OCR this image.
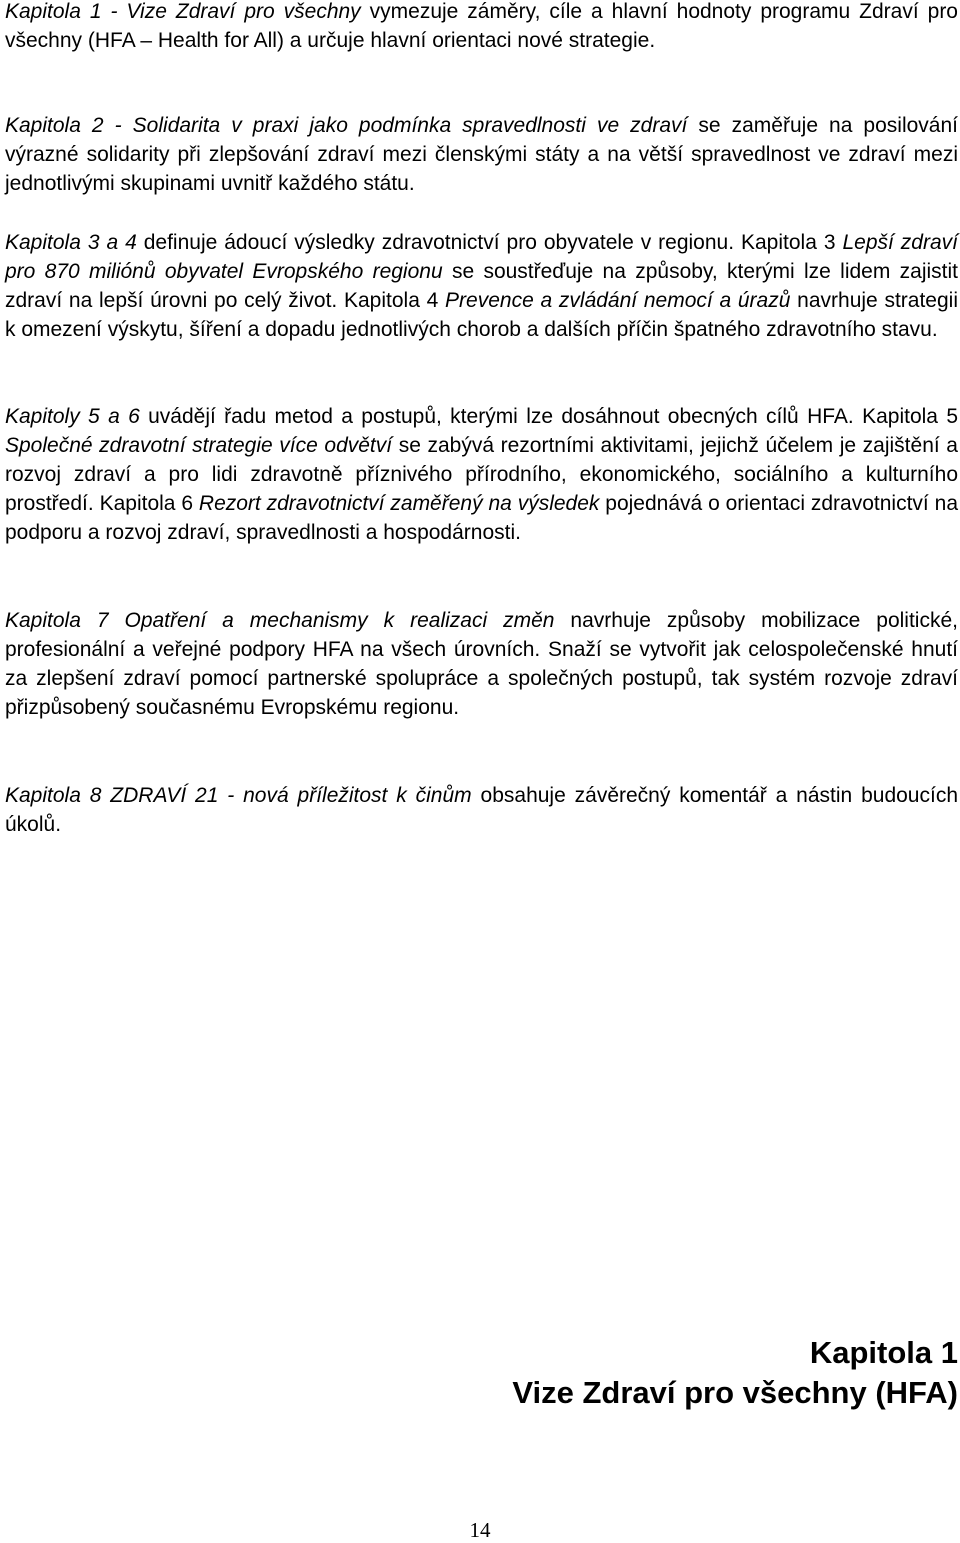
Kapitola 1 - Vize Zdraví pro všechny vymezuje záměry, cíle a hlavní hodnoty programu Zdraví pro všechny (HFA – Health for All) a určuje hlavní orientaci nové strategie.

Kapitola 2 - Solidarita v praxi jako podmínka spravedlnosti ve zdraví se zaměřuje na posilování výrazné solidarity při zlepšování zdraví mezi členskými státy a na větší spravedlnost ve zdraví mezi jednotlivými skupinami uvnitř každého státu.

Kapitola 3 a 4 definuje ádoucí výsledky zdravotnictví pro obyvatele v regionu. Kapitola 3 Lepší zdraví pro 870 miliónů obyvatel Evropského regionu se soustřeďuje na způsoby, kterými lze lidem zajistit zdraví na lepší úrovni po celý život. Kapitola 4 Prevence a zvládání nemocí a úrazů navrhuje strategii k omezení výskytu, šíření a dopadu jednotlivých chorob a dalších příčin špatného zdravotního stavu.

Kapitoly 5 a 6 uvádějí řadu metod a postupů, kterými lze dosáhnout obecných cílů HFA. Kapitola 5 Společné zdravotní strategie více odvětví se zabývá rezortními aktivitami, jejichž účelem je zajištění a rozvoj zdraví a pro lidi zdravotně příznivého přírodního, ekonomického, sociálního a kulturního prostředí. Kapitola 6 Rezort zdravotnictví zaměřený na výsledek pojednává o orientaci zdravotnictví na podporu a rozvoj zdraví, spravedlnosti a hospodárnosti.

Kapitola 7 Opatření a mechanismy k realizaci změn navrhuje způsoby mobilizace politické, profesionální a veřejné podpory HFA na všech úrovních. Snaží se vytvořit jak celospolečenské hnutí za zlepšení zdraví pomocí partnerské spolupráce a společných postupů, tak systém rozvoje zdraví přizpůsobený současnému Evropskému regionu.

Kapitola 8 ZDRAVÍ 21 - nová příležitost k činům obsahuje závěrečný komentář a nástin budoucích úkolů.

Kapitola 1
Vize Zdraví pro všechny (HFA)
14
